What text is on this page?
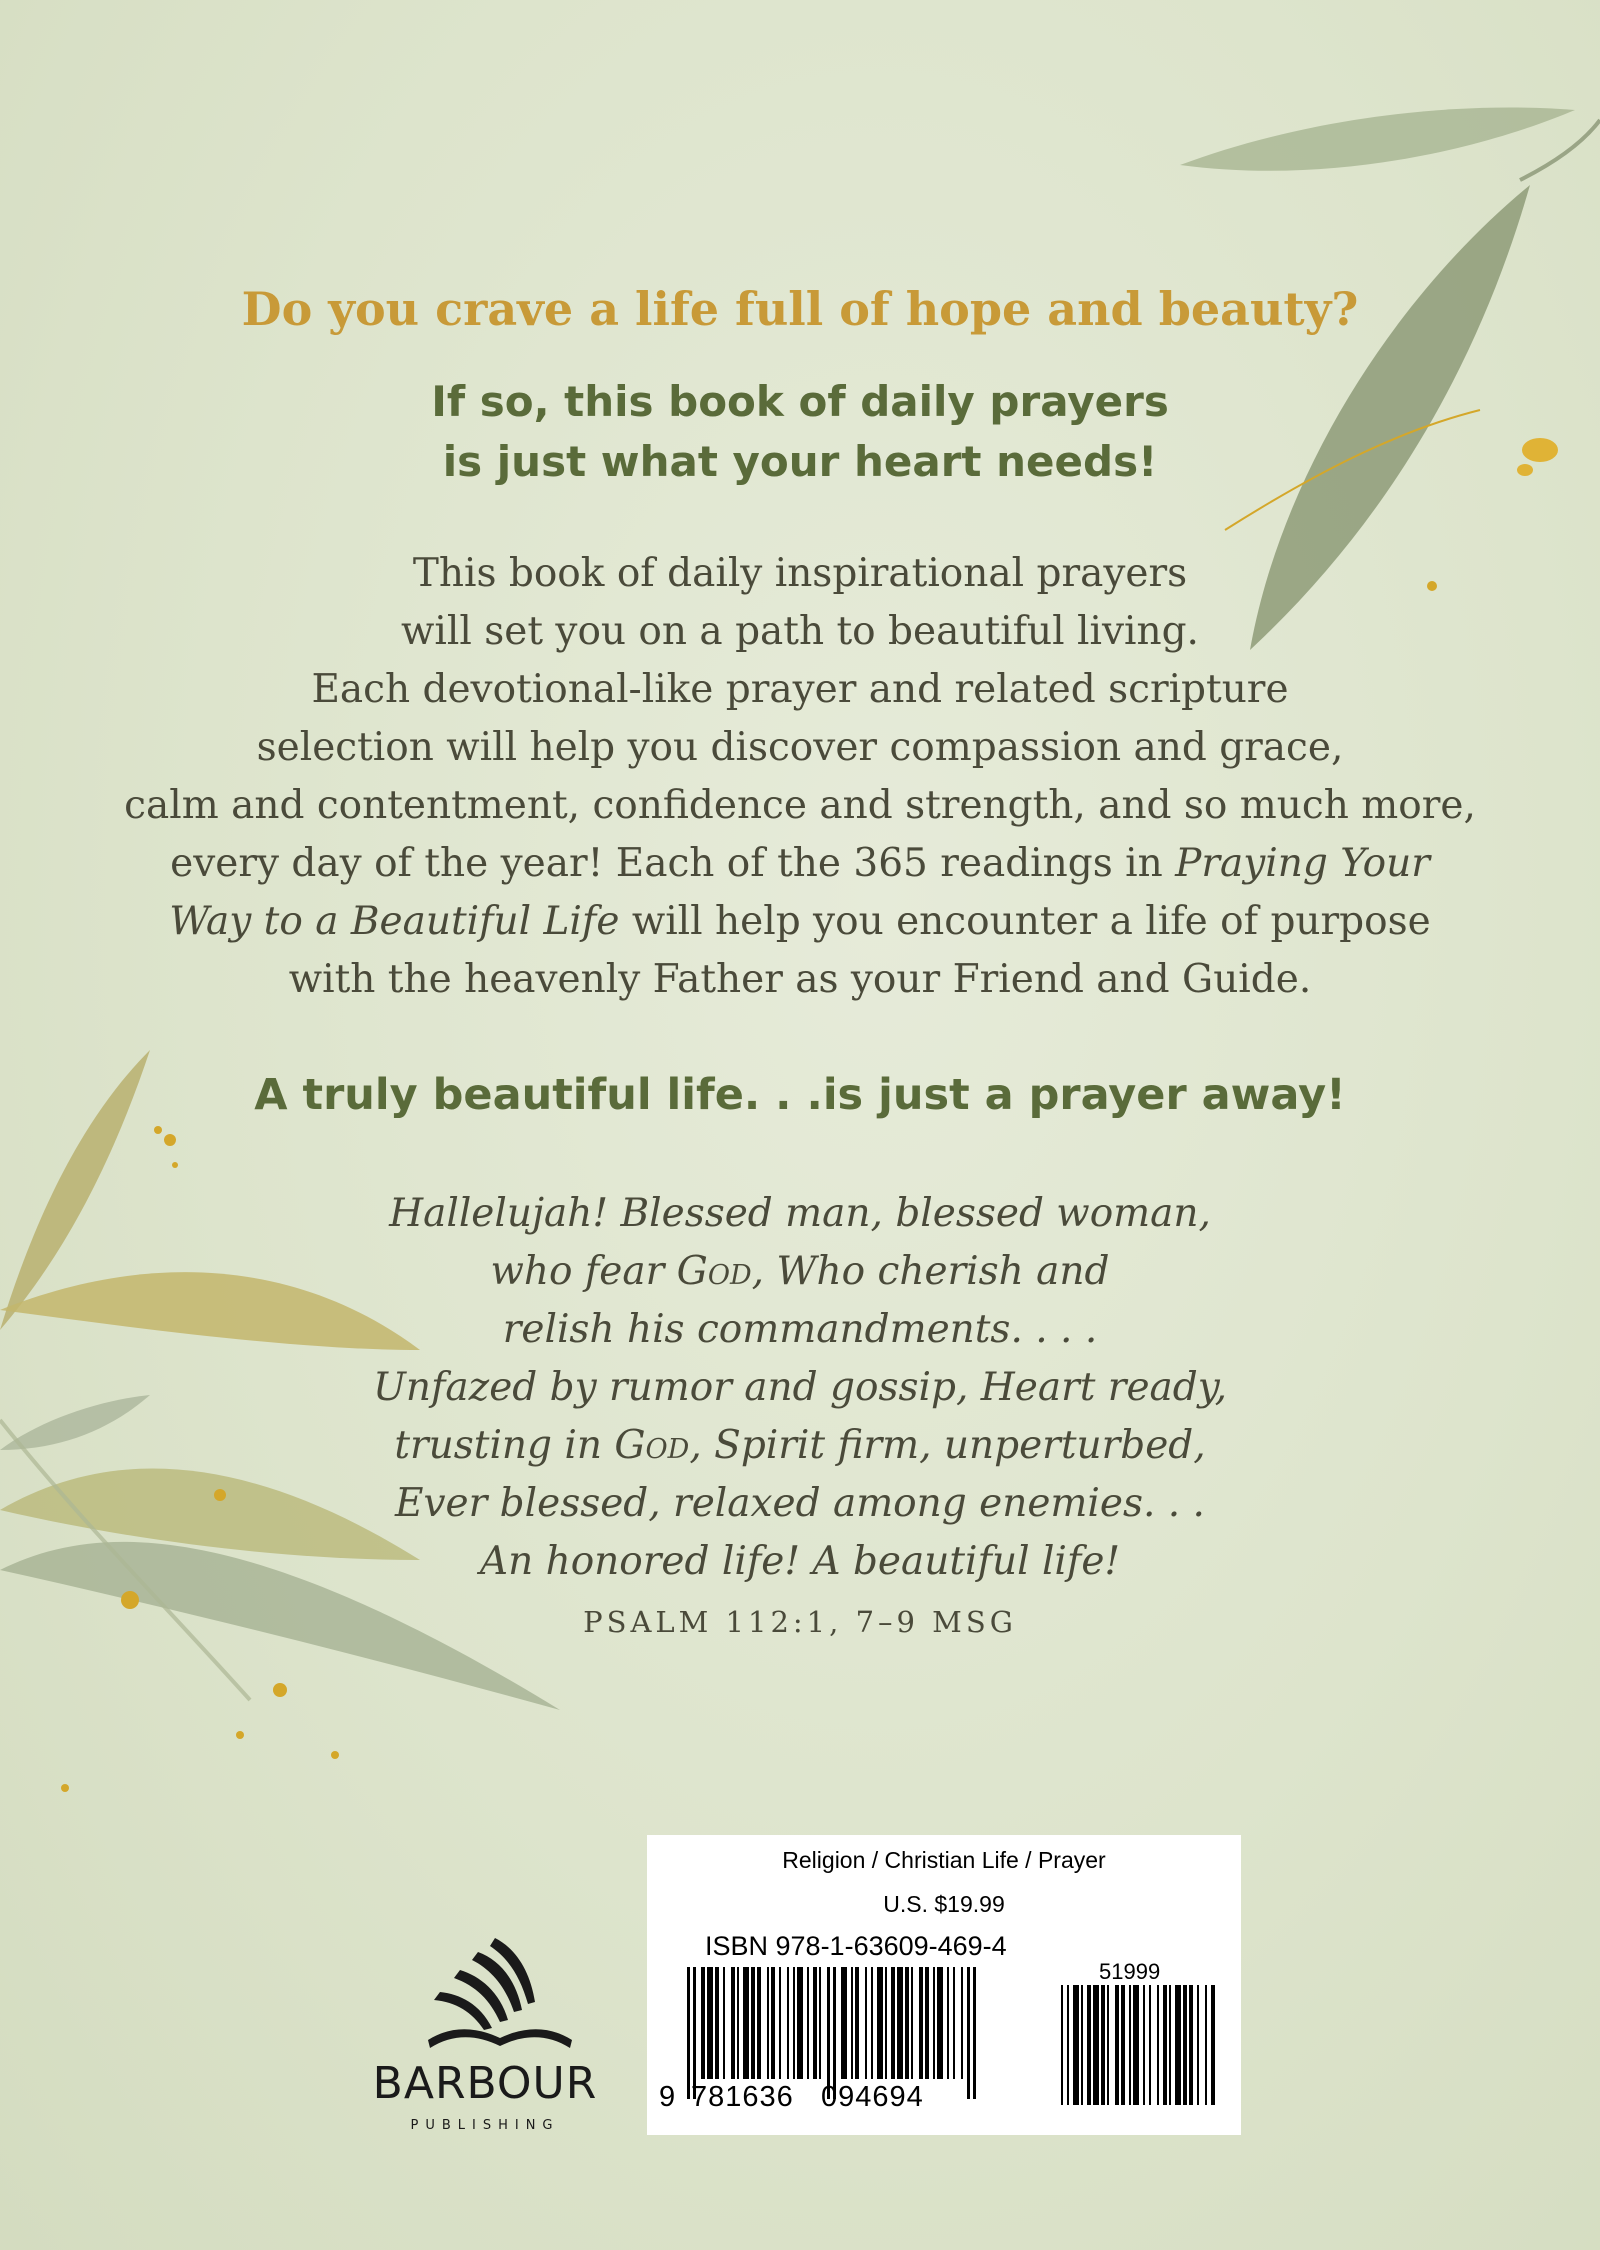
Do you crave a life full of hope and beauty?
If so, this book of daily prayers
is just what your heart needs!
This book of daily inspirational prayers
will set you on a path to beautiful living.
Each devotional-like prayer and related scripture
selection will help you discover compassion and grace,
calm and contentment, confidence and strength, and so much more,
every day of the year! Each of the 365 readings in Praying Your
Way to a Beautiful Life will help you encounter a life of purpose
with the heavenly Father as your Friend and Guide.
A truly beautiful life. . .is just a prayer away!
Hallelujah! Blessed man, blessed woman,
who fear God, Who cherish and
relish his commandments. . . .
Unfazed by rumor and gossip, Heart ready,
trusting in God, Spirit firm, unperturbed,
Ever blessed, relaxed among enemies. . .
An honored life! A beautiful life!
PSALM 112:1, 7–9 MSG
BARBOUR
PUBLISHING
Religion / Christian Life / Prayer
U.S. $19.99
ISBN 978-1-63609-469-4
51999
9 781636 094694
